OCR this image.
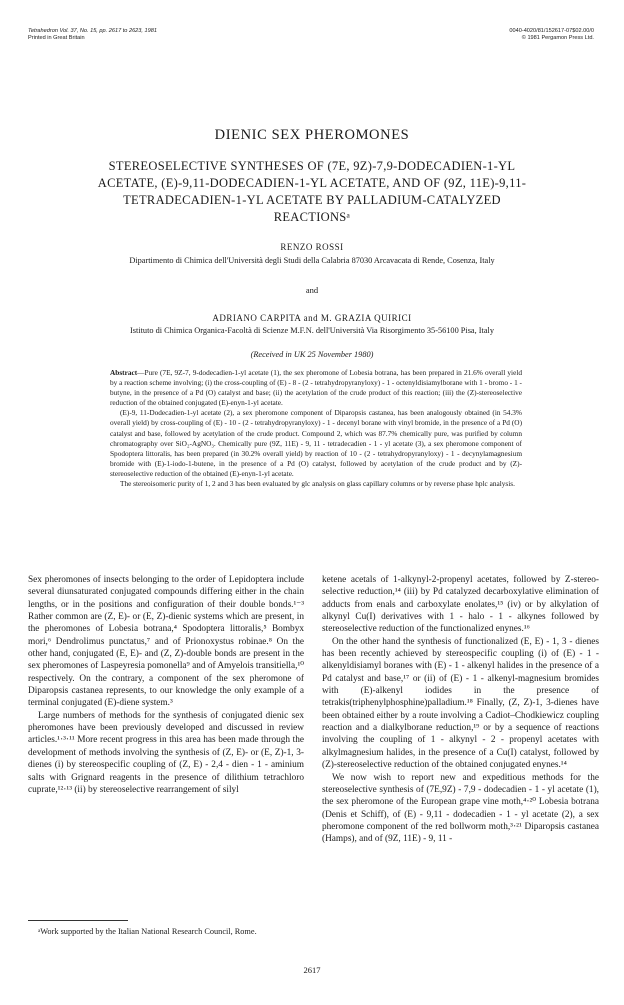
Tetrahedron Vol. 37, No. 15, pp. 2617 to 2623, 1981
Printed in Great Britain
0040-4020/81/152617-07$02.00/0
© 1981 Pergamon Press Ltd.
DIENIC SEX PHEROMONES
STEREOSELECTIVE SYNTHESES OF (7E, 9Z)-7,9-DODECADIEN-1-YL
ACETATE, (E)-9,11-DODECADIEN-1-YL ACETATE, AND OF (9Z, 11E)-9,11-
TETRADECADIEN-1-YL ACETATE BY PALLADIUM-CATALYZED
REACTIONSᵃ
RENZO ROSSI
Dipartimento di Chimica dell'Università degli Studi della Calabria 87030 Arcavacata di Rende, Cosenza, Italy
and
ADRIANO CARPITA and M. GRAZIA QUIRICI
Istituto di Chimica Organica-Facoltà di Scienze M.F.N. dell'Università Via Risorgimento 35-56100 Pisa, Italy
(Received in UK 25 November 1980)

Abstract—Pure (7E, 9Z-7, 9-dodecadien-1-yl acetate (1), the sex pheromone of Lobesia botrana, has been prepared in 21.6% overall yield by a reaction scheme involving; (i) the cross-coupling of (E) - 8 - (2 - tetrahydropyranyloxy) - 1 - octenyldisiamylborane with 1 - bromo - 1 - butyne, in the presence of a Pd (O) catalyst and base; (ii) the acetylation of the crude product of this reaction; (iii) the (Z)-stereoselective reduction of the obtained conjugated (E)-enyn-1-yl acetate.

(E)-9, 11-Dodecadien-1-yl acetate (2), a sex pheromone component of Diparopsis castanea, has been analogously obtained (in 54.3% overall yield) by cross-coupling of (E) - 10 - (2 - tetrahydropyranyloxy) - 1 - decenyl borane with vinyl bromide, in the presence of a Pd (O) catalyst and base, followed by acetylation of the crude product. Compound 2, which was 87.7% chemically pure, was purified by column chromatography over SiO₂-AgNO₃. Chemically pure (9Z, 11E) - 9, 11 - tetradecadien - 1 - yl acetate (3), a sex pheromone component of Spodoptera littoralis, has been prepared (in 30.2% overall yield) by reaction of 10 - (2 - tetrahydropyranyloxy) - 1 - decynylamagnesium bromide with (E)-1-iodo-1-butene, in the presence of a Pd (O) catalyst, followed by acetylation of the crude product and by (Z)-stereoselective reduction of the obtained (E)-enyn-1-yl acetate.

The stereoisomeric purity of 1, 2 and 3 has been evaluated by glc analysis on glass capillary columns or by reverse phase hplc analysis.

Sex pheromones of insects belonging to the order of Lepidoptera include several diunsaturated conjugated compounds differing either in the chain lengths, or in the positions and configuration of their double bonds.¹⁻³ Rather common are (Z, E)- or (E, Z)-dienic systems which are present, in the pheromones of Lobesia botrana,⁴ Spodoptera littoralis,⁵ Bombyx mori,⁶ Dendrolimus punctatus,⁷ and of Prionoxystus robinae.⁸ On the other hand, conjugated (E, E)- and (Z, Z)-double bonds are present in the sex pheromones of Laspeyresia pomonella⁹ and of Amyelois transitiella,¹⁰ respectively. On the contrary, a component of the sex pheromone of Diparopsis castanea represents, to our knowledge the only example of a terminal conjugated (E)-diene system.³

Large numbers of methods for the synthesis of conjugated dienic sex pheromones have been previously developed and discussed in review articles.¹⋅³⋅¹¹ More recent progress in this area has been made through the development of methods involving the synthesis of (Z, E)- or (E, Z)-1, 3-dienes (i) by stereospecific coupling of (Z, E) - 2,4 - dien - 1 - aminium salts with Grignard reagents in the presence of dilithium tetrachloro cuprate,¹²⋅¹³ (ii) by stereoselective rearrangement of silyl

ketene acetals of 1-alkynyl-2-propenyl acetates, followed by Z-stereo-selective reduction,¹⁴ (iii) by Pd catalyzed decarboxylative elimination of adducts from enals and carboxylate enolates,¹⁵ (iv) or by alkylation of alkynyl Cu(I) derivatives with 1 - halo - 1 - alkynes followed by stereoselective reduction of the functionalized enynes.¹⁶

On the other hand the synthesis of functionalized (E, E) - 1, 3 - dienes has been recently achieved by stereospecific coupling (i) of (E) - 1 - alkenyldisiamyl boranes with (E) - 1 - alkenyl halides in the presence of a Pd catalyst and base,¹⁷ or (ii) of (E) - 1 - alkenyl-magnesium bromides with (E)-alkenyl iodides in the presence of tetrakis(triphenylphosphine)palladium.¹⁸ Finally, (Z, Z)-1, 3-dienes have been obtained either by a route involving a Cadiot–Chodkiewicz coupling reaction and a dialkylborane reduction,¹⁹ or by a sequence of reactions involving the coupling of 1 - alkynyl - 2 - propenyl acetates with alkylmagnesium halides, in the presence of a Cu(I) catalyst, followed by (Z)-stereoselective reduction of the obtained conjugated enynes.¹⁴

We now wish to report new and expeditious methods for the stereoselective synthesis of (7E,9Z) - 7,9 - dodecadien - 1 - yl acetate (1), the sex pheromone of the European grape vine moth,⁴⋅²⁰ Lobesia botrana (Denis et Schiff), of (E) - 9,11 - dodecadien - 1 - yl acetate (2), a sex pheromone component of the red bollworm moth,³⋅²¹ Diparopsis castanea (Hamps), and of (9Z, 11E) - 9, 11 -

ᵃWork supported by the Italian National Research Council, Rome.
2617
